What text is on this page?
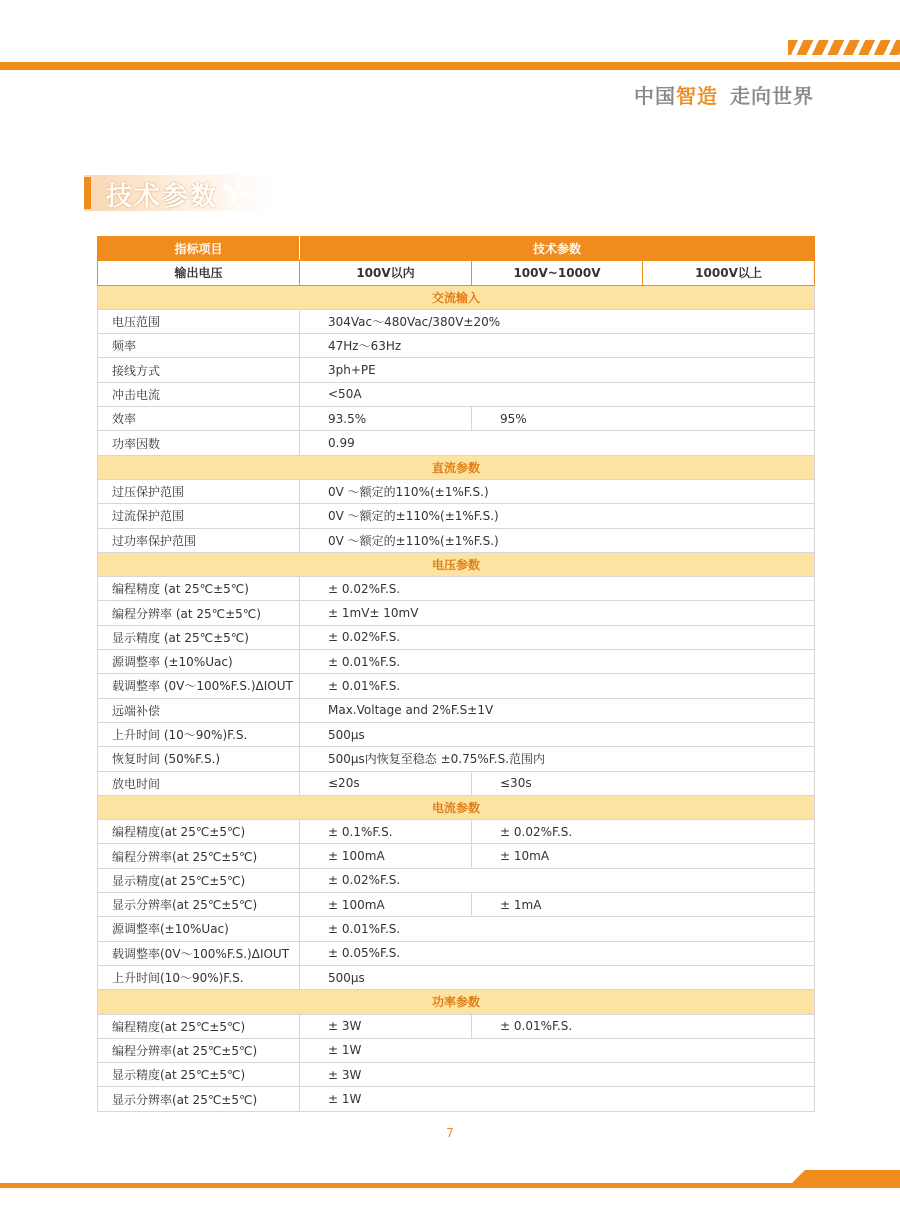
中国智造 走向世界
技术参数
指标项目	技术参数		
输出电压	100V以内	100V~1000V	1000V以上
交流输入			
电压范围	304Vac～480Vac/380V±20%		
频率	47Hz～63Hz		
接线方式	3ph+PE		
冲击电流	<50A		
效率	93.5%	95%	
功率因数	0.99		
直流参数			
过压保护范围	0V ～额定的110%(±1%F.S.)		
过流保护范围	0V ～额定的±110%(±1%F.S.)		
过功率保护范围	0V ～额定的±110%(±1%F.S.)		
电压参数			
编程精度 (at 25℃±5℃)	± 0.02%F.S.		
编程分辨率 (at 25℃±5℃)	± 1mV± 10mV		
显示精度 (at 25℃±5℃)	± 0.02%F.S.		
源调整率 (±10%Uac)	± 0.01%F.S.		
载调整率 (0V～100%F.S.)ΔIOUT	± 0.01%F.S.		
远端补偿	Max.Voltage and 2%F.S±1V		
上升时间 (10～90%)F.S.	500μs		
恢复时间 (50%F.S.)	500μs内恢复至稳态 ±0.75%F.S.范围内		
放电时间	≤20s	≤30s	
电流参数			
编程精度(at 25℃±5℃)	± 0.1%F.S.	± 0.02%F.S.	
编程分辨率(at 25℃±5℃)	± 100mA	± 10mA	
显示精度(at 25℃±5℃)	± 0.02%F.S.		
显示分辨率(at 25℃±5℃)	± 100mA	± 1mA	
源调整率(±10%Uac)	± 0.01%F.S.		
载调整率(0V～100%F.S.)ΔIOUT	± 0.05%F.S.		
上升时间(10～90%)F.S.	500μs		
功率参数			
编程精度(at 25℃±5℃)	± 3W	± 0.01%F.S.	
编程分辨率(at 25℃±5℃)	± 1W		
显示精度(at 25℃±5℃)	± 3W		
显示分辨率(at 25℃±5℃)	± 1W		
7
